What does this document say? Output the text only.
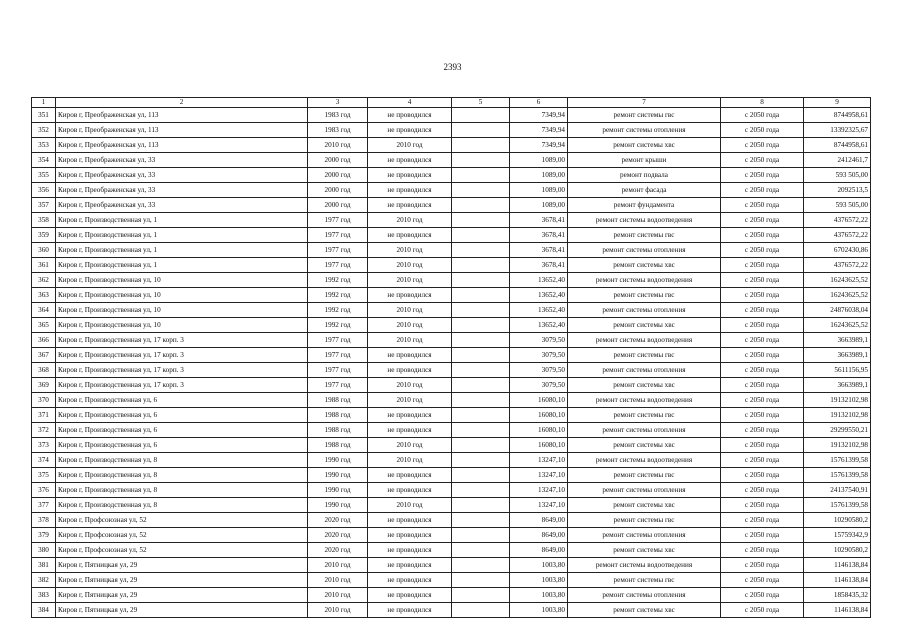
2393
1	2	3	4	5	6	7	8	9
351	Киров г, Преображенская ул, 113	1983 год	не проводился		7349,94	ремонт системы гвс	с 2050 года	8744958,61
352	Киров г, Преображенская ул, 113	1983 год	не проводился		7349,94	ремонт системы отопления	с 2050 года	13392325,67
353	Киров г, Преображенская ул, 113	2010 год	2010 год		7349,94	ремонт системы хвс	с 2050 года	8744958,61
354	Киров г, Преображенская ул, 33	2000 год	не проводился		1089,00	ремонт крыши	с 2050 года	2412461,7
355	Киров г, Преображенская ул, 33	2000 год	не проводился		1089,00	ремонт подвала	с 2050 года	593 505,00
356	Киров г, Преображенская ул, 33	2000 год	не проводился		1089,00	ремонт фасада	с 2050 года	2092513,5
357	Киров г, Преображенская ул, 33	2000 год	не проводился		1089,00	ремонт фундамента	с 2050 года	593 505,00
358	Киров г, Производственная ул, 1	1977 год	2010 год		3678,41	ремонт системы водоотведения	с 2050 года	4376572,22
359	Киров г, Производственная ул, 1	1977 год	не проводился		3678,41	ремонт системы гвс	с 2050 года	4376572,22
360	Киров г, Производственная ул, 1	1977 год	2010 год		3678,41	ремонт системы отопления	с 2050 года	6702430,86
361	Киров г, Производственная ул, 1	1977 год	2010 год		3678,41	ремонт системы хвс	с 2050 года	4376572,22
362	Киров г, Производственная ул, 10	1992 год	2010 год		13652,40	ремонт системы водоотведения	с 2050 года	16243625,52
363	Киров г, Производственная ул, 10	1992 год	не проводился		13652,40	ремонт системы гвс	с 2050 года	16243625,52
364	Киров г, Производственная ул, 10	1992 год	2010 год		13652,40	ремонт системы отопления	с 2050 года	24876038,04
365	Киров г, Производственная ул, 10	1992 год	2010 год		13652,40	ремонт системы хвс	с 2050 года	16243625,52
366	Киров г, Производственная ул, 17 корп. 3	1977 год	2010 год		3079,50	ремонт системы водоотведения	с 2050 года	3663989,1
367	Киров г, Производственная ул, 17 корп. 3	1977 год	не проводился		3079,50	ремонт системы гвс	с 2050 года	3663989,1
368	Киров г, Производственная ул, 17 корп. 3	1977 год	не проводился		3079,50	ремонт системы отопления	с 2050 года	5611156,95
369	Киров г, Производственная ул, 17 корп. 3	1977 год	2010 год		3079,50	ремонт системы хвс	с 2050 года	3663989,1
370	Киров г, Производственная ул, 6	1988 год	2010 год		16080,10	ремонт системы водоотведения	с 2050 года	19132102,98
371	Киров г, Производственная ул, 6	1988 год	не проводился		16080,10	ремонт системы гвс	с 2050 года	19132102,98
372	Киров г, Производственная ул, 6	1988 год	не проводился		16080,10	ремонт системы отопления	с 2050 года	29299550,21
373	Киров г, Производственная ул, 6	1988 год	2010 год		16080,10	ремонт системы хвс	с 2050 года	19132102,98
374	Киров г, Производственная ул, 8	1990 год	2010 год		13247,10	ремонт системы водоотведения	с 2050 года	15761399,58
375	Киров г, Производственная ул, 8	1990 год	не проводился		13247,10	ремонт системы гвс	с 2050 года	15761399,58
376	Киров г, Производственная ул, 8	1990 год	не проводился		13247,10	ремонт системы отопления	с 2050 года	24137540,91
377	Киров г, Производственная ул, 8	1990 год	2010 год		13247,10	ремонт системы хвс	с 2050 года	15761399,58
378	Киров г, Профсоюзная ул, 52	2020 год	не проводился		8649,00	ремонт системы гвс	с 2050 года	10290580,2
379	Киров г, Профсоюзная ул, 52	2020 год	не проводился		8649,00	ремонт системы отопления	с 2050 года	15759342,9
380	Киров г, Профсоюзная ул, 52	2020 год	не проводился		8649,00	ремонт системы хвс	с 2050 года	10290580,2
381	Киров г, Пятницкая ул, 29	2010 год	не проводился		1003,80	ремонт системы водоотведения	с 2050 года	1146138,84
382	Киров г, Пятницкая ул, 29	2010 год	не проводился		1003,80	ремонт системы гвс	с 2050 года	1146138,84
383	Киров г, Пятницкая ул, 29	2010 год	не проводился		1003,80	ремонт системы отопления	с 2050 года	1858435,32
384	Киров г, Пятницкая ул, 29	2010 год	не проводился		1003,80	ремонт системы хвс	с 2050 года	1146138,84
